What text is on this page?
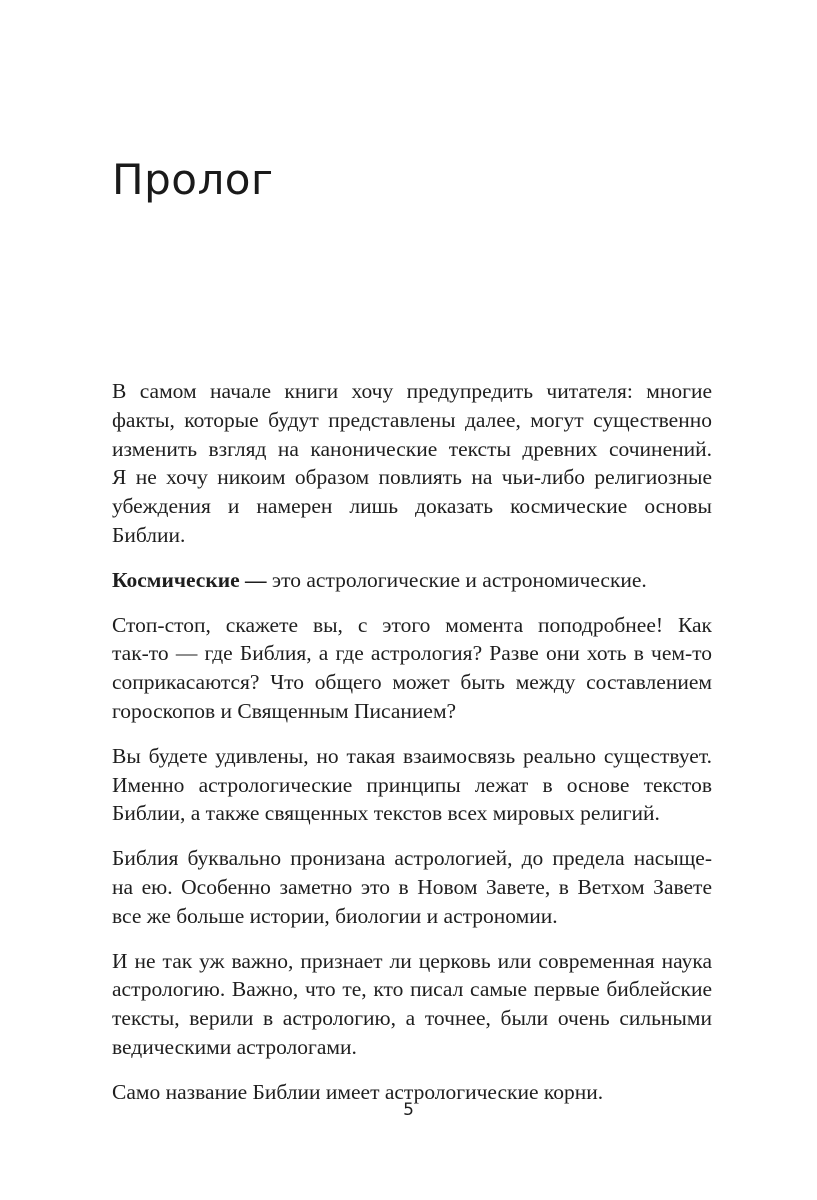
Пролог

В самом начале книги хочу предупредить читателя: многие
факты, которые будут представлены далее, могут существенно
изменить взгляд на канонические тексты древних сочинений.
Я не хочу никоим образом повлиять на чьи-либо религиозные
убеждения и намерен лишь доказать космические основы
Библии.

Космические — это астрологические и астрономические.

Стоп-стоп, скажете вы, с этого момента поподробнее! Как
так-то — где Библия, а где астрология? Разве они хоть в чем-то
соприкасаются? Что общего может быть между составлением
гороскопов и Священным Писанием?

Вы будете удивлены, но такая взаимосвязь реально существует.
Именно астрологические принципы лежат в основе текстов
Библии, а также священных текстов всех мировых религий.

Библия буквально пронизана астрологией, до предела насыще-
на ею. Особенно заметно это в Новом Завете, в Ветхом Завете
все же больше истории, биологии и астрономии.

И не так уж важно, признает ли церковь или современная наука
астрологию. Важно, что те, кто писал самые первые библейские
тексты, верили в астрологию, а точнее, были очень сильными
ведическими астрологами.

Само название Библии имеет астрологические корни.

5
